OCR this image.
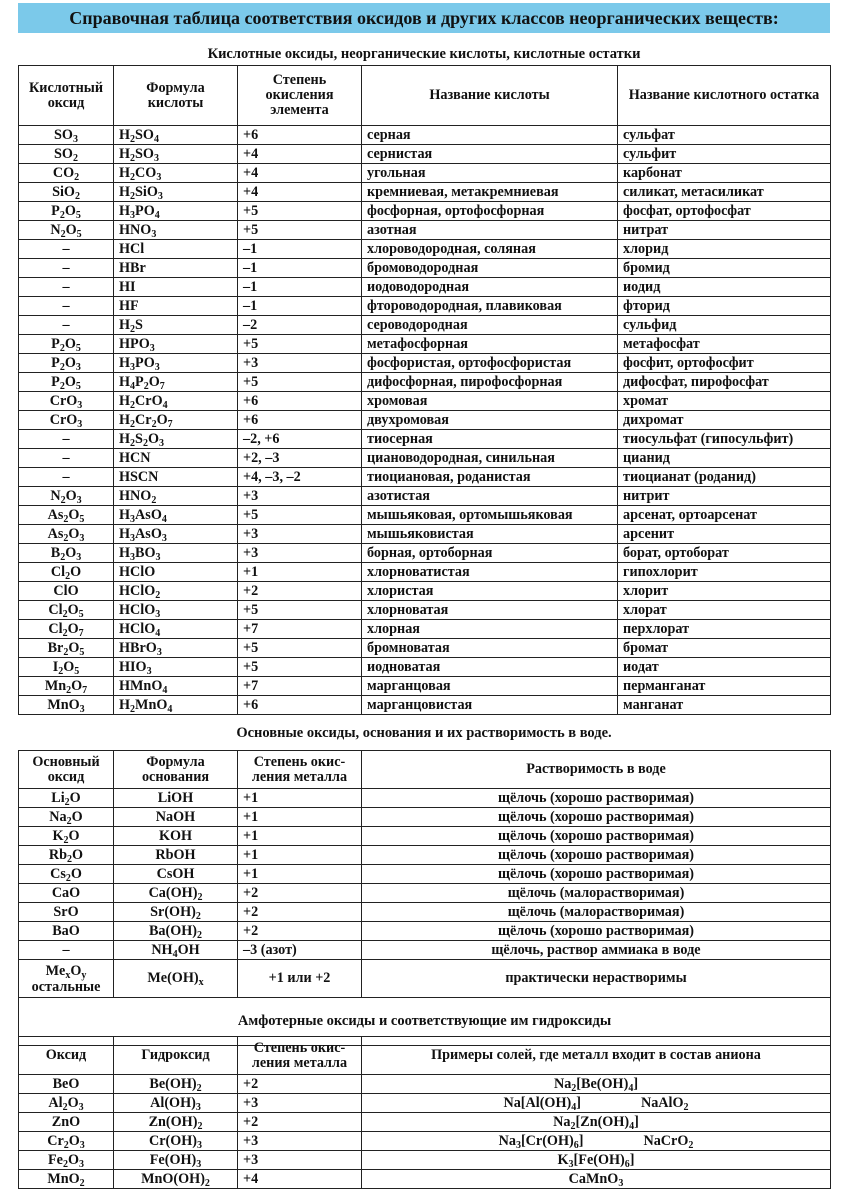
Справочная таблица соответствия оксидов и других классов неорганических веществ:
Кислотные оксиды, неорганические кислоты, кислотные остатки
Кислотный оксид	Формула кислоты	Степень окисления элемента	Название кислоты	Название кислотного остатка
$SO_3$	$H_2SO_4$	+6	серная	сульфат
$SO_2$	$H_2SO_3$	+4	сернистая	сульфит
$CO_2$	$H_2CO_3$	+4	угольная	карбонат
SiO$_2$	$H_2SiO_3$	+4	кремниевая, метакремниевая	силикат, метасиликат
$P_2O_5$	$H_3PO_4$	+5	фосфорная, ортофосфорная	фосфат, ортофосфат
$N_2O_5$	$HNO_3$	+5	азотная	нитрат
–	HCl	–1	хлороводородная, соляная	хлорид
–	HBr	–1	бромоводородная	бромид
–	HI	–1	иодоводородная	иодид
–	HF	–1	фтороводородная, плавиковая	фторид
–	$H_2S$	–2	сероводородная	сульфид
$P_2O_5$	$HPO_3$	+5	метафосфорная	метафосфат
$P_2O_3$	$H_3PO_3$	+3	фосфористая, ортофосфористая	фосфит, ортофосфит
$P_2O_5$	$H_4P_2O_7$	+5	дифосфорная, пирофосфорная	дифосфат, пирофосфат
CrO$_3$	$H_2CrO_4$	+6	хромовая	хромат
CrO$_3$	$H_2Cr_2O_7$	+6	двухромовая	дихромат
–	$H_2S_2O_3$	–2, +6	тиосерная	тиосульфат (гипосульфит)
–	HCN	+2, –3	циановодородная, синильная	цианид
–	HSCN	+4, –3, –2	тиоциановая, роданистая	тиоцианат (роданид)
$N_2O_3$	$HNO_2$	+3	азотистая	нитрит
$As_2O_5$	$H_3AsO_4$	+5	мышьяковая, ортомышьяковая	арсенат, ортоарсенат
$As_2O_3$	$H_3AsO_3$	+3	мышьяковистая	арсенит
$B_2O_3$	$H_3BO_3$	+3	борная, ортоборная	борат, ортоборат
$Cl_2O$	HClO	+1	хлорноватистая	гипохлорит
ClO	HClO$_2$	+2	хлористая	хлорит
$Cl_2O_5$	HClO$_3$	+5	хлорноватая	хлорат
$Cl_2O_7$	HClO$_4$	+7	хлорная	перхлорат
$Br_2O_5$	HBrO$_3$	+5	бромноватая	бромат
$I_2O_5$	$HIO_3$	+5	иодноватая	иодат
$Mn_2O_7$	HMnO$_4$	+7	марганцовая	перманганат
MnO$_3$	$H_2MnO_4$	+6	марганцовистая	манганат
Основные оксиды, основания и их растворимость в воде.
Основный оксид	Формула основания	Степень окис-ления металла	Растворимость в воде
$Li_2O$	LiOH	+1	щёлочь (хорошо растворимая)
$Na_2O$	NaOH	+1	щёлочь (хорошо растворимая)
$K_2O$	KOH	+1	щёлочь (хорошо растворимая)
$Rb_2O$	RbOH	+1	щёлочь (хорошо растворимая)
$Cs_2O$	CsOH	+1	щёлочь (хорошо растворимая)
CaO	$Ca(OH)_2$	+2	щёлочь (малорастворимая)
SrO	$Sr(OH)_2$	+2	щёлочь (малорастворимая)
BaO	$Ba(OH)_2$	+2	щёлочь (хорошо растворимая)
–	$NH_4OH$	–3 (азот)	щёлочь, раствор аммиака в воде

$Me_xO_y$
остальные	$Me(OH)_x$	+1 или +2	практически нерастворимы
Амфотерные оксиды и соответствующие им гидроксиды			
Оксид	Гидроксид	Степень окис-ления металла	Примеры солей, где металл входит в состав аниона
BeO	$Be(OH)_2$	+2	$Na_2[Be(OH)_4]$
$Al_2O_3$	$Al(OH)_3$	+3	$Na[Al(OH)_4]$ NaAlO$_2$
ZnO	$Zn(OH)_2$	+2	$Na_2[Zn(OH)_4]$
$Cr_2O_3$	$Cr(OH)_3$	+3	$Na_3[Cr(OH)_6]$ NaCrO$_2$
$Fe_2O_3$	$Fe(OH)_3$	+3	$K_3[Fe(OH)_6]$
MnO$_2$	$MnO(OH)_2$	+4	CaMnO$_3$
